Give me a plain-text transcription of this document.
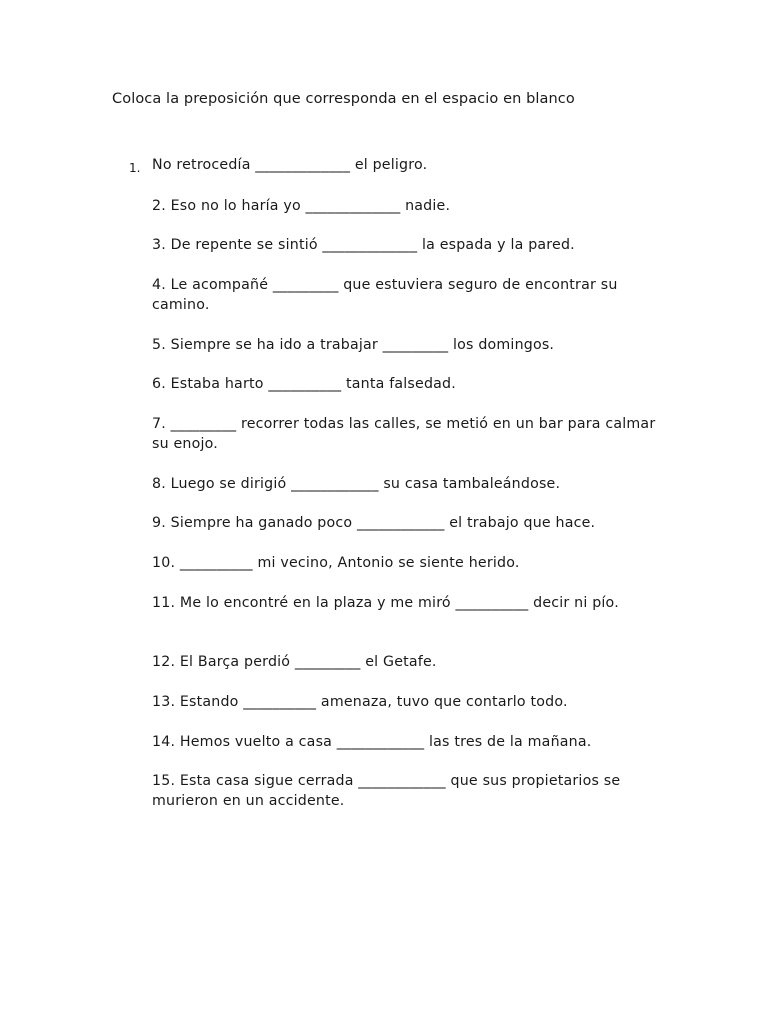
Coloca la preposición que corresponda en el espacio en blanco
1. No retrocedía _____________ el peligro.
2. Eso no lo haría yo _____________ nadie.
3. De repente se sintió _____________ la espada y la pared.
4. Le acompañé _________ que estuviera seguro de encontrar su camino.
5. Siempre se ha ido a trabajar _________ los domingos.
6. Estaba harto __________ tanta falsedad.
7. _________ recorrer todas las calles, se metió en un bar para calmar su enojo.
8. Luego se dirigió ____________ su casa tambaleándose.
9. Siempre ha ganado poco ____________ el trabajo que hace.
10. __________ mi vecino, Antonio se siente herido.
11. Me lo encontré en la plaza y me miró __________ decir ni pío.
12. El Barça perdió _________ el Getafe.
13. Estando __________ amenaza, tuvo que contarlo todo.
14. Hemos vuelto a casa ____________ las tres de la mañana.
15. Esta casa sigue cerrada ____________ que sus propietarios se murieron en un accidente.
